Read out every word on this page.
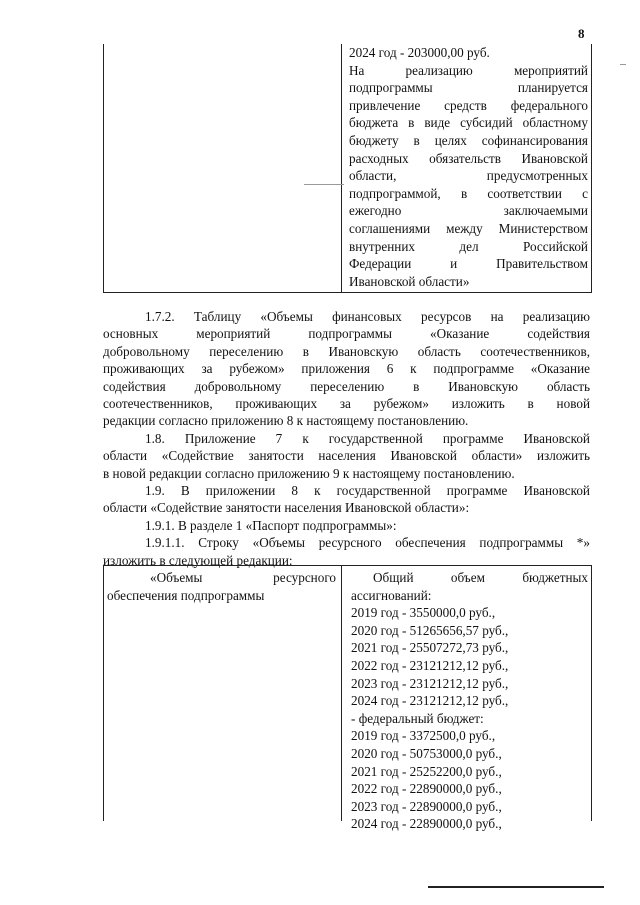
8
2024 год - 203000,00 руб.
На реализацию мероприятий
подпрограммы планируется
привлечение средств федерального
бюджета в виде субсидий областному
бюджету в целях софинансирования
расходных обязательств Ивановской
области, предусмотренных
подпрограммой, в соответствии с
ежегодно заключаемыми
соглашениями между Министерством
внутренних дел Российской
Федерации и Правительством
Ивановской области»
1.7.2. Таблицу «Объемы финансовых ресурсов на реализацию
основных мероприятий подпрограммы «Оказание содействия
добровольному переселению в Ивановскую область соотечественников,
проживающих за рубежом» приложения 6 к подпрограмме «Оказание
содействия добровольному переселению в Ивановскую область
соотечественников, проживающих за рубежом» изложить в новой
редакции согласно приложению 8 к настоящему постановлению.
1.8. Приложение 7 к государственной программе Ивановской
области «Содействие занятости населения Ивановской области» изложить
в новой редакции согласно приложению 9 к настоящему постановлению.
1.9. В приложении 8 к государственной программе Ивановской
области «Содействие занятости населения Ивановской области»:
1.9.1. В разделе 1 «Паспорт подпрограммы»:
1.9.1.1. Строку «Объемы ресурсного обеспечения подпрограммы *»
изложить в следующей редакции:
«Объемы ресурсного
обеспечения подпрограммы
Общий объем бюджетных
ассигнований:
2019 год - 3550000,0 руб.,
2020 год - 51265656,57 руб.,
2021 год - 25507272,73 руб.,
2022 год - 23121212,12 руб.,
2023 год - 23121212,12 руб.,
2024 год - 23121212,12 руб.,
- федеральный бюджет:
2019 год - 3372500,0 руб.,
2020 год - 50753000,0 руб.,
2021 год - 25252200,0 руб.,
2022 год - 22890000,0 руб.,
2023 год - 22890000,0 руб.,
2024 год - 22890000,0 руб.,
